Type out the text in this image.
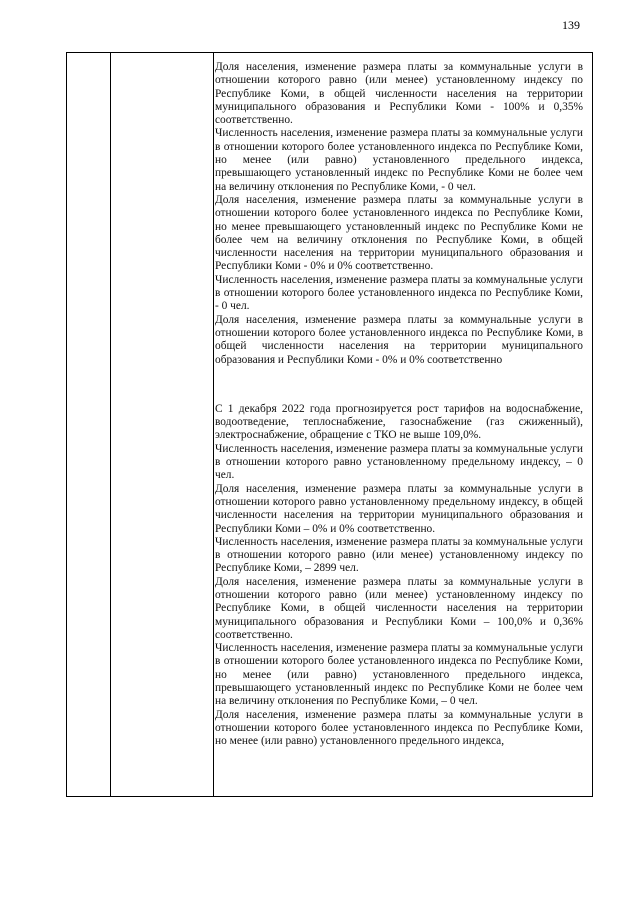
139

Доля населения, изменение размера платы за коммунальные услуги в отношении которого равно (или менее) установленному индексу по Республике Коми, в общей численности населения на территории муниципального образования и Республики Коми - 100% и 0,35% соответственно.

Численность населения, изменение размера платы за коммунальные услуги в отношении которого более установленного индекса по Республике Коми, но менее (или равно) установленного предельного индекса, превышающего установленный индекс по Республике Коми не более чем на величину отклонения по Республике Коми, - 0 чел.

Доля населения, изменение размера платы за коммунальные услуги в отношении которого более установленного индекса по Республике Коми, но менее превышающего установленный индекс по Республике Коми не более чем на величину отклонения по Республике Коми, в общей численности населения на территории муниципального образования и Республики Коми - 0% и 0% соответственно.

Численность населения, изменение размера платы за коммунальные услуги в отношении которого более установленного индекса по Республике Коми, - 0 чел.

Доля населения, изменение размера платы за коммунальные услуги в отношении которого более установленного индекса по Республике Коми, в общей численности населения на территории муниципального образования и Республики Коми - 0% и 0% соответственно

С 1 декабря 2022 года прогнозируется рост тарифов на водоснабжение, водоотведение, теплоснабжение, газоснабжение (газ сжиженный), электроснабжение, обращение с ТКО не выше 109,0%.

Численность населения, изменение размера платы за коммунальные услуги в отношении которого равно установленному предельному индексу, – 0 чел.

Доля населения, изменение размера платы за коммунальные услуги в отношении которого равно установленному предельному индексу, в общей численности населения на территории муниципального образования и Республики Коми – 0% и 0% соответственно.

Численность населения, изменение размера платы за коммунальные услуги в отношении которого равно (или менее) установленному индексу по Республике Коми, – 2899 чел.

Доля населения, изменение размера платы за коммунальные услуги в отношении которого равно (или менее) установленному индексу по Республике Коми, в общей численности населения на территории муниципального образования и Республики Коми – 100,0% и 0,36% соответственно.

Численность населения, изменение размера платы за коммунальные услуги в отношении которого более установленного индекса по Республике Коми, но менее (или равно) установленного предельного индекса, превышающего установленный индекс по Республике Коми не более чем на величину отклонения по Республике Коми, – 0 чел.

Доля населения, изменение размера платы за коммунальные услуги в отношении которого более установленного индекса по Республике Коми, но менее (или равно) установленного предельного индекса,
